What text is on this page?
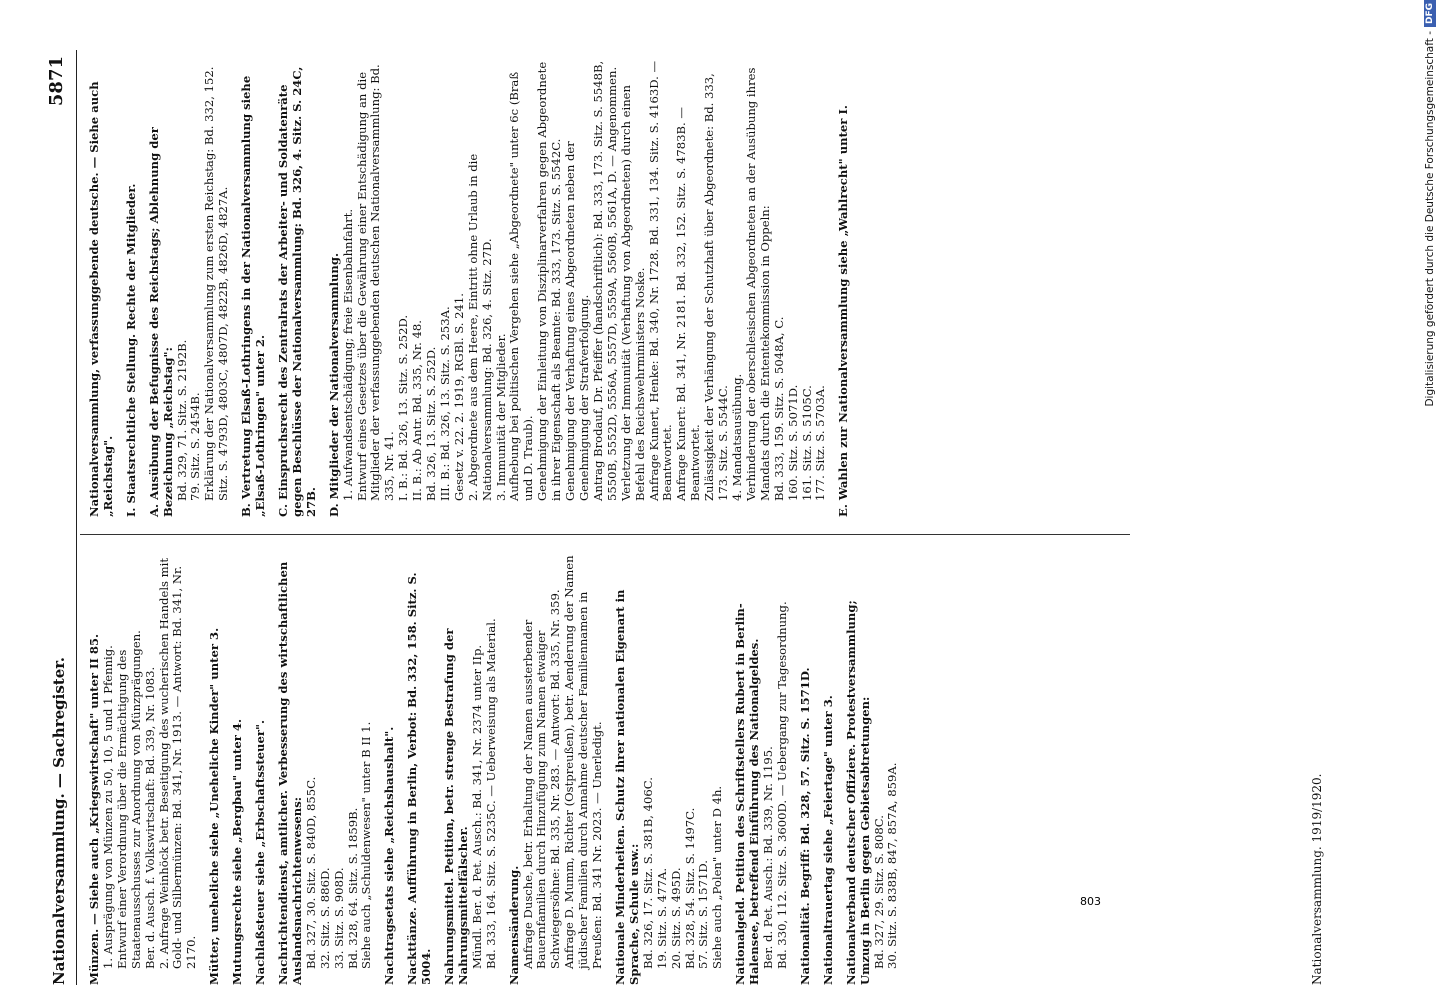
Nationalversammlung. — Sachregister.
5871

Münzen. — Siehe auch „Kriegswirtschaft" unter II 85. 1. Ausprägung von Münzen zu 50, 10, 5 und 1 Pfennig. Entwurf einer Verordnung über die Ermächtigung des Staatenausschusses zur Anordnung von Münzprägungen. Ber. d. Ausch. f. Volkswirtschaft: Bd. 339, Nr. 1083. 2. Anfrage Weinhöck betr. Beseitigung des wucherischen Handels mit Gold- und Silbermünzen: Bd. 341, Nr. 1913. — Antwort: Bd. 341, Nr. 2170. Mütter, uneheliche siehe „Uneheliche Kinder" unter 3. Mutungsrechte siehe „Bergbau" unter 4. Nachlaßsteuer siehe „Erbschaftssteuer". Nachrichtendienst, amtlicher. Verbesserung des wirtschaftlichen Auslandsnachrichtenwesens: Bd. 327, 30. Sitz. S. 840D, 855C. 32. Sitz. S. 886D. 33. Sitz. S. 908D. Bd. 328, 64. Sitz. S. 1859B. Siehe auch „Schuldenwesen" unter B II 1. Nachtragsetats siehe „Reichshaushalt". Nackttänze. Aufführung in Berlin, Verbot: Bd. 332, 158. Sitz. S. 5004. Nahrungsmittel. Petition, betr. strenge Bestrafung der Nahrungsmittelfälscher. Mündl. Ber. d. Pet. Ausch.: Bd. 341, Nr. 2374 unter IIp. Bd. 333, 164. Sitz. S. 5235C. — Ueberweisung als Material. Namensänderung. Anfrage Dusche, betr. Erhaltung der Namen aussterbender Bauernfamilien durch Hinzufügung zum Namen etwaiger Schwiegersöhne: Bd. 335, Nr. 283. — Antwort: Bd. 335, Nr. 359. Anfrage D. Mumm, Richter (Ostpreußen), betr. Aenderung der Namen jüdischer Familien durch Annahme deutscher Familiennamen in Preußen: Bd. 341 Nr. 2023. — Unerledigt. Nationale Minderheiten. Schutz ihrer nationalen Eigenart in Sprache, Schule usw.: Bd. 326, 17. Sitz. S. 381B, 406C. 19. Sitz. S. 477A. 20. Sitz. S. 495D. Bd. 328, 54. Sitz. S. 1497C. 57. Sitz. S. 1571D. Siehe auch „Polen" unter D 4h. Nationalgeld. Petition des Schriftstellers Rubert in Berlin-Halensee, betreffend Einführung des Nationalgeldes. Ber. d. Pet. Ausch.: Bd. 339, Nr. 1195. Bd. 330, 112. Sitz. S. 3600D. — Uebergang zur Tagesordnung. Nationalität. Begriff: Bd. 328, 57. Sitz. S. 1571D. Nationaltrauertag siehe „Feiertage" unter 3. Nationalverband deutscher Offiziere. Protestversammlung; Umzug in Berlin gegen Gebietsabtretungen: Bd. 327, 29. Sitz. S. 808C. 30. Sitz. S. 838B, 847, 857A, 859A.

Nationalversammlung, verfassunggebende deutsche. — Siehe auch „Reichstag". I. Staatsrechtliche Stellung. Rechte der Mitglieder. A. Ausübung der Befugnisse des Reichstags; Ablehnung der Bezeichnung „Reichstag": Bd. 329, 71. Sitz. S. 2192B. 79. Sitz. S. 2454B. Erklärung der Nationalversammlung zum ersten Reichstag: Bd. 332, 152. Sitz. S. 4793D, 4803C, 4807D, 4822B, 4826D, 4827A. B. Vertretung Elsaß-Lothringens in der Nationalversammlung siehe „Elsaß-Lothringen" unter 2. C. Einspruchsrecht des Zentralrats der Arbeiter- und Soldatenräte gegen Beschlüsse der Nationalversammlung: Bd. 326, 4. Sitz. S. 24C, 27B. D. Mitglieder der Nationalversammlung. 1. Aufwandsentschädigung; freie Eisenbahnfahrt. Entwurf eines Gesetzes über die Gewährung einer Entschädigung an die Mitglieder der verfassunggebenden deutschen Nationalversammlung: Bd. 335, Nr. 41. I. B.: Bd. 326, 13. Sitz. S. 252D. II. B.: Ab Antr. Bd. 335, Nr. 48. Bd. 326, 13. Sitz. S. 252D. III. B.: Bd. 326, 13. Sitz. S. 253A. Gesetz v. 22. 2. 1919, RGBl. S. 241. 2. Abgeordnete aus dem Heere, Eintritt ohne Urlaub in die Nationalversammlung: Bd. 326, 4. Sitz. 27D. 3. Immunität der Mitglieder. Aufhebung bei politischen Vergehen siehe „Abgeordnete" unter 6c (Braß und D. Traub). Genehmigung der Einleitung von Disziplinarverfahren gegen Abgeordnete in ihrer Eigenschaft als Beamte: Bd. 333, 173. Sitz. S. 5542C. Genehmigung der Verhaftung eines Abgeordneten neben der Genehmigung der Strafverfolgung. Antrag Brodauf, Dr. Pfeiffer (handschriftlich): Bd. 333, 173. Sitz. S. 5548B, 5550B, 5552D, 5556A, 5557D, 5559A, 5560B, 5561A, D. — Angenommen. Verletzung der Immunität (Verhaftung von Abgeordneten) durch einen Befehl des Reichswehrministers Noske. Anfrage Kunert, Henke: Bd. 340, Nr. 1728. Bd. 331, 134. Sitz. S. 4163D. — Beantwortet. Anfrage Kunert: Bd. 341, Nr. 2181. Bd. 332, 152. Sitz. S. 4783B. — Beantwortet. Zulässigkeit der Verhängung der Schutzhaft über Abgeordnete: Bd. 333, 173. Sitz. S. 5544C. 4. Mandatsausübung. Verhinderung der oberschlesischen Abgeordneten an der Ausübung ihres Mandats durch die Ententekommission in Oppeln: Bd. 333, 159. Sitz. S. 5048A, C. 160. Sitz. S. 5071D. 161. Sitz. S. 5105C. 177. Sitz. S. 5703A. E. Wahlen zur Nationalversammlung siehe „Wahlrecht" unter I.

Nationalversammlung. 1919/1920.
803
Digitalisierung gefördert durch die Deutsche Forschungsgemeinschaft -
DFG
